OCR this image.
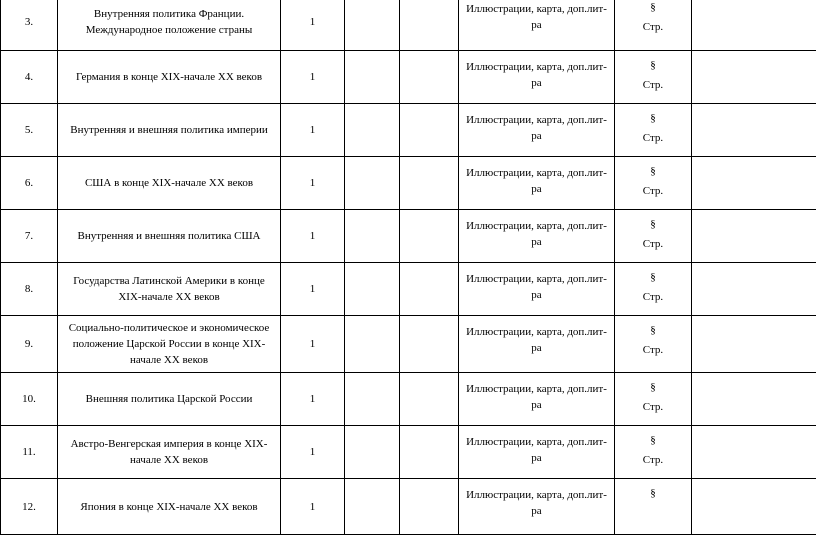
3.	Внутренняя политика Франции. Международное положение страны	1			Иллюстрации, карта, доп.лит-ра	§
Стр.	

4.	Германия в конце XIX-начале XX веков	1			Иллюстрации, карта, доп.лит-ра	§
Стр.	

5.	Внутренняя и внешняя политика империи	1			Иллюстрации, карта, доп.лит-ра	§
Стр.	

6.	США в конце XIX-начале XX веков	1			Иллюстрации, карта, доп.лит-ра	§
Стр.	

7.	Внутренняя и внешняя политика США	1			Иллюстрации, карта, доп.лит-ра	§
Стр.	

8.	Государства Латинской Америки в конце XIX-начале XX веков	1			Иллюстрации, карта, доп.лит-ра	§
Стр.	

9.	Социально-политическое и экономическое положение Царской России в конце XIX-начале XX веков	1			Иллюстрации, карта, доп.лит-ра	§
Стр.	

10.	Внешняя политика Царской России	1			Иллюстрации, карта, доп.лит-ра	§
Стр.	

11.	Австро-Венгерская империя в конце XIX-начале XX веков	1			Иллюстрации, карта, доп.лит-ра	§
Стр.	

12.	Япония в конце XIX-начале XX веков	1			Иллюстрации, карта, доп.лит-ра	§	
